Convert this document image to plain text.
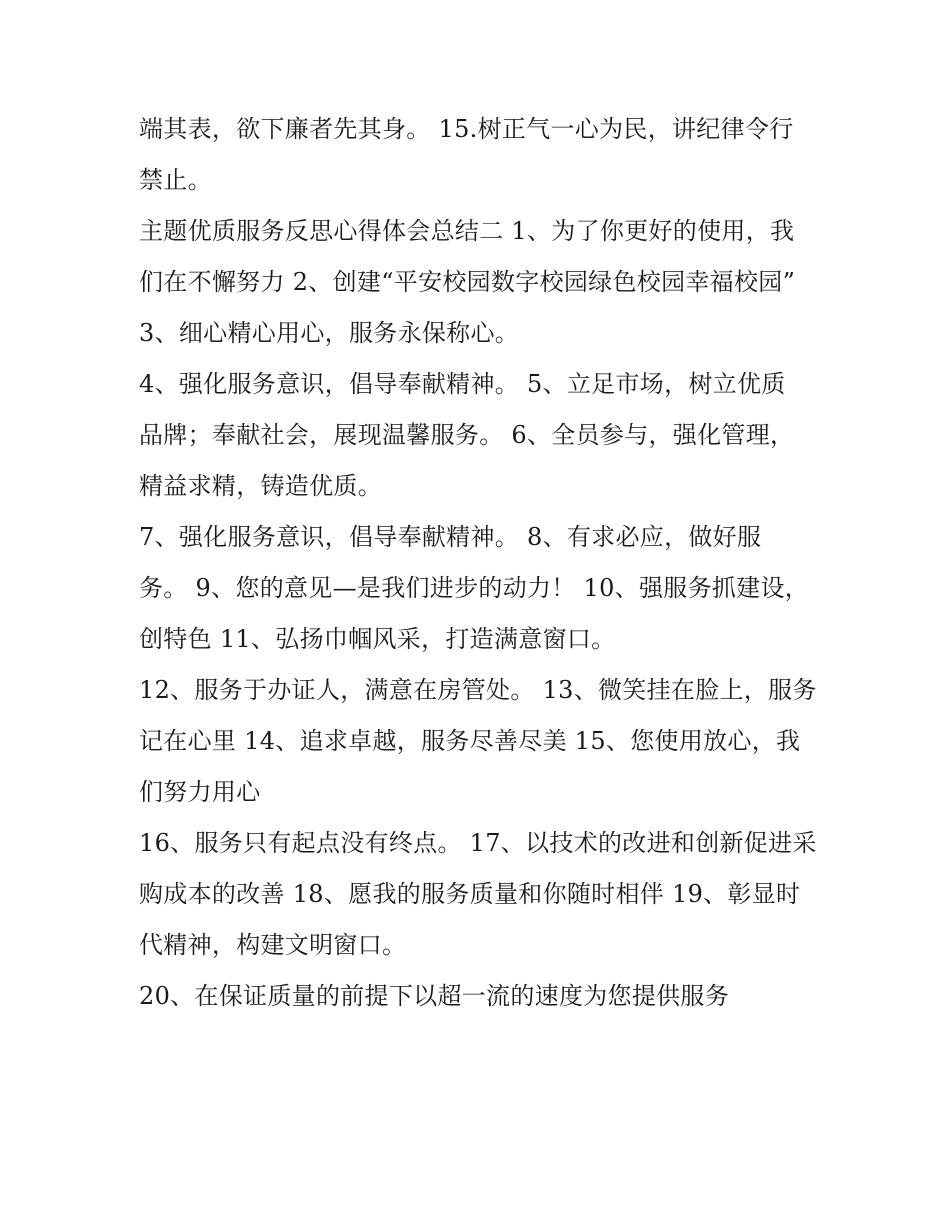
端其表，欲下廉者先其身。 15.树正气一心为民，讲纪律令行
禁止。
主题优质服务反思心得体会总结二 1、为了你更好的使用，我
们在不懈努力 2、创建“平安校园数字校园绿色校园幸福校园”
3、细心精心用心，服务永保称心。
4、强化服务意识，倡导奉献精神。 5、立足市场，树立优质
品牌；奉献社会，展现温馨服务。 6、全员参与，强化管理，
精益求精，铸造优质。
7、强化服务意识，倡导奉献精神。 8、有求必应，做好服
务。 9、您的意见—是我们进步的动力！ 10、强服务抓建设，
创特色 11、弘扬巾帼风采，打造满意窗口。
12、服务于办证人，满意在房管处。 13、微笑挂在脸上，服务
记在心里 14、追求卓越，服务尽善尽美 15、您使用放心，我
们努力用心
16、服务只有起点没有终点。 17、以技术的改进和创新促进采
购成本的改善 18、愿我的服务质量和你随时相伴 19、彰显时
代精神，构建文明窗口。
20、在保证质量的前提下以超一流的速度为您提供服务
